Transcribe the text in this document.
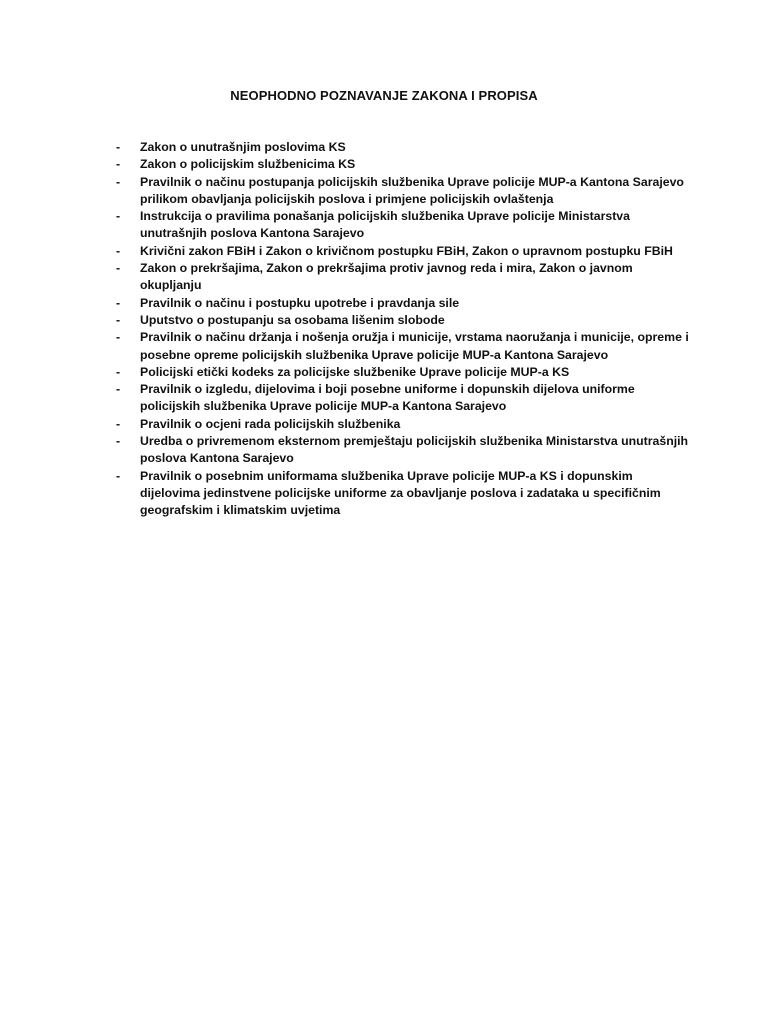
NEOPHODNO POZNAVANJE ZAKONA I PROPISA
- Zakon o unutrašnjim poslovima KS
- Zakon o policijskim službenicima KS
- Pravilnik o načinu postupanja policijskih službenika Uprave policije MUP-a Kantona Sarajevo prilikom obavljanja policijskih poslova i primjene policijskih ovlaštenja
- Instrukcija o pravilima ponašanja policijskih službenika Uprave policije Ministarstva unutrašnjih poslova Kantona Sarajevo
- Krivični zakon FBiH i Zakon o krivičnom postupku FBiH, Zakon o upravnom postupku FBiH
- Zakon o prekršajima, Zakon o prekršajima protiv javnog reda i mira, Zakon o javnom okupljanju
- Pravilnik o načinu i postupku upotrebe i pravdanja sile
- Uputstvo o postupanju sa osobama lišenim slobode
- Pravilnik o načinu držanja i nošenja oružja i municije, vrstama naoružanja i municije, opreme i posebne opreme policijskih službenika Uprave policije MUP-a Kantona Sarajevo
- Policijski etički kodeks za policijske službenike Uprave policije MUP-a KS
- Pravilnik o izgledu, dijelovima i boji posebne uniforme i dopunskih dijelova uniforme policijskih službenika Uprave policije MUP-a Kantona Sarajevo
- Pravilnik o ocjeni rada policijskih službenika
- Uredba o privremenom eksternom premještaju policijskih službenika Ministarstva unutrašnjih poslova Kantona Sarajevo
- Pravilnik o posebnim uniformama službenika Uprave policije MUP-a KS i dopunskim dijelovima jedinstvene policijske uniforme za obavljanje poslova i zadataka u specifičnim geografskim i klimatskim uvjetima
